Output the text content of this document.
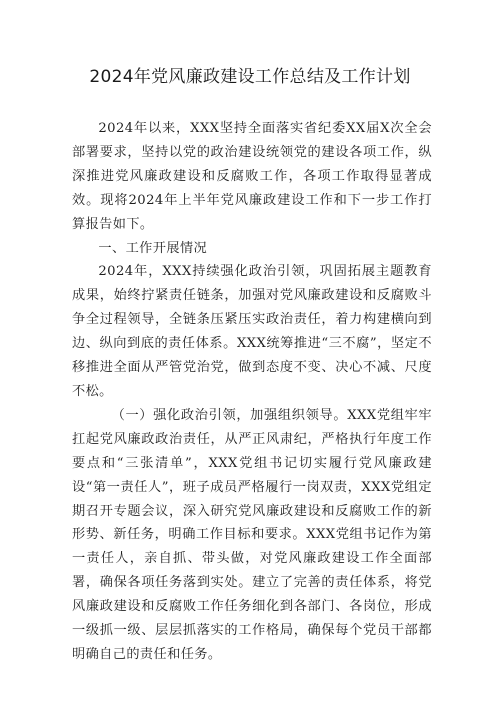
2024年党风廉政建设工作总结及工作计划

2024年以来，XXX坚持全面落实省纪委XX届X次全会部署要求，坚持以党的政治建设统领党的建设各项工作，纵深推进党风廉政建设和反腐败工作，各项工作取得显著成效。现将2024年上半年党风廉政建设工作和下一步工作打算报告如下。

一、工作开展情况

2024年，XXX持续强化政治引领，巩固拓展主题教育成果，始终拧紧责任链条，加强对党风廉政建设和反腐败斗争全过程领导，全链条压紧压实政治责任，着力构建横向到边、纵向到底的责任体系。XXX统筹推进“三不腐”，坚定不移推进全面从严管党治党，做到态度不变、决心不减、尺度不松。

（一）强化政治引领，加强组织领导。XXX党组牢牢扛起党风廉政政治责任，从严正风肃纪，严格执行年度工作要点和“三张清单”，XXX党组书记切实履行党风廉政建设“第一责任人”，班子成员严格履行一岗双责，XXX党组定期召开专题会议，深入研究党风廉政建设和反腐败工作的新形势、新任务，明确工作目标和要求。XXX党组书记作为第一责任人，亲自抓、带头做，对党风廉政建设工作全面部署，确保各项任务落到实处。建立了完善的责任体系，将党风廉政建设和反腐败工作任务细化到各部门、各岗位，形成一级抓一级、层层抓落实的工作格局，确保每个党员干部都明确自己的责任和任务。
